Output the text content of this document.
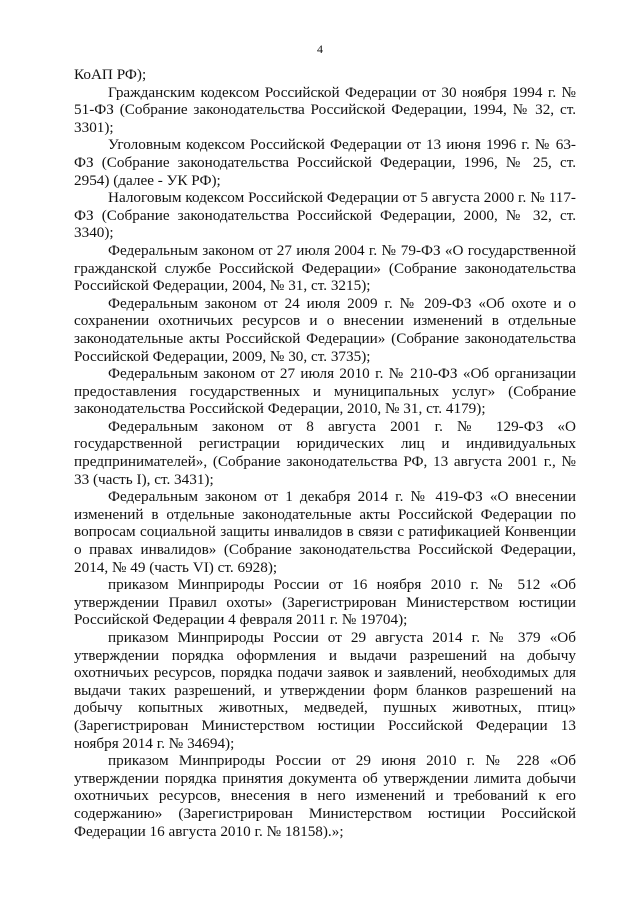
4

КоАП РФ);

Гражданским кодексом Российской Федерации от 30 ноября 1994 г. № 51-ФЗ (Собрание законодательства Российской Федерации, 1994, № 32, ст. 3301);

Уголовным кодексом Российской Федерации от 13 июня 1996 г. № 63-ФЗ (Собрание законодательства Российской Федерации, 1996, № 25, ст. 2954) (далее - УК РФ);

Налоговым кодексом Российской Федерации от 5 августа 2000 г. № 117-ФЗ (Собрание законодательства Российской Федерации, 2000, № 32, ст. 3340);

Федеральным законом от 27 июля 2004 г. № 79-ФЗ «О государственной гражданской службе Российской Федерации» (Собрание законодательства Российской Федерации, 2004, № 31, ст. 3215);

Федеральным законом от 24 июля 2009 г. № 209-ФЗ «Об охоте и о сохранении охотничьих ресурсов и о внесении изменений в отдельные законодательные акты Российской Федерации» (Собрание законодательства Российской Федерации, 2009, № 30, ст. 3735);

Федеральным законом от 27 июля 2010 г. № 210-ФЗ «Об организации предоставления государственных и муниципальных услуг» (Собрание законодательства Российской Федерации, 2010, № 31, ст. 4179);

Федеральным законом от 8 августа 2001 г. № 129-ФЗ «О государственной регистрации юридических лиц и индивидуальных предпринимателей», (Собрание законодательства РФ, 13 августа 2001 г., № 33 (часть I), ст. 3431);

Федеральным законом от 1 декабря 2014 г. № 419-ФЗ «О внесении изменений в отдельные законодательные акты Российской Федерации по вопросам социальной защиты инвалидов в связи с ратификацией Конвенции о правах инвалидов» (Собрание законодательства Российской Федерации, 2014, № 49 (часть VI) ст. 6928);

приказом Минприроды России от 16 ноября 2010 г. № 512 «Об утверждении Правил охоты» (Зарегистрирован Министерством юстиции Российской Федерации 4 февраля 2011 г. № 19704);

приказом Минприроды России от 29 августа 2014 г. № 379 «Об утверждении порядка оформления и выдачи разрешений на добычу охотничьих ресурсов, порядка подачи заявок и заявлений, необходимых для выдачи таких разрешений, и утверждении форм бланков разрешений на добычу копытных животных, медведей, пушных животных, птиц» (Зарегистрирован Министерством юстиции Российской Федерации 13 ноября 2014 г. № 34694);

приказом Минприроды России от 29 июня 2010 г. № 228 «Об утверждении порядка принятия документа об утверждении лимита добычи охотничьих ресурсов, внесения в него изменений и требований к его содержанию» (Зарегистрирован Министерством юстиции Российской Федерации 16 августа 2010 г. № 18158).»;
